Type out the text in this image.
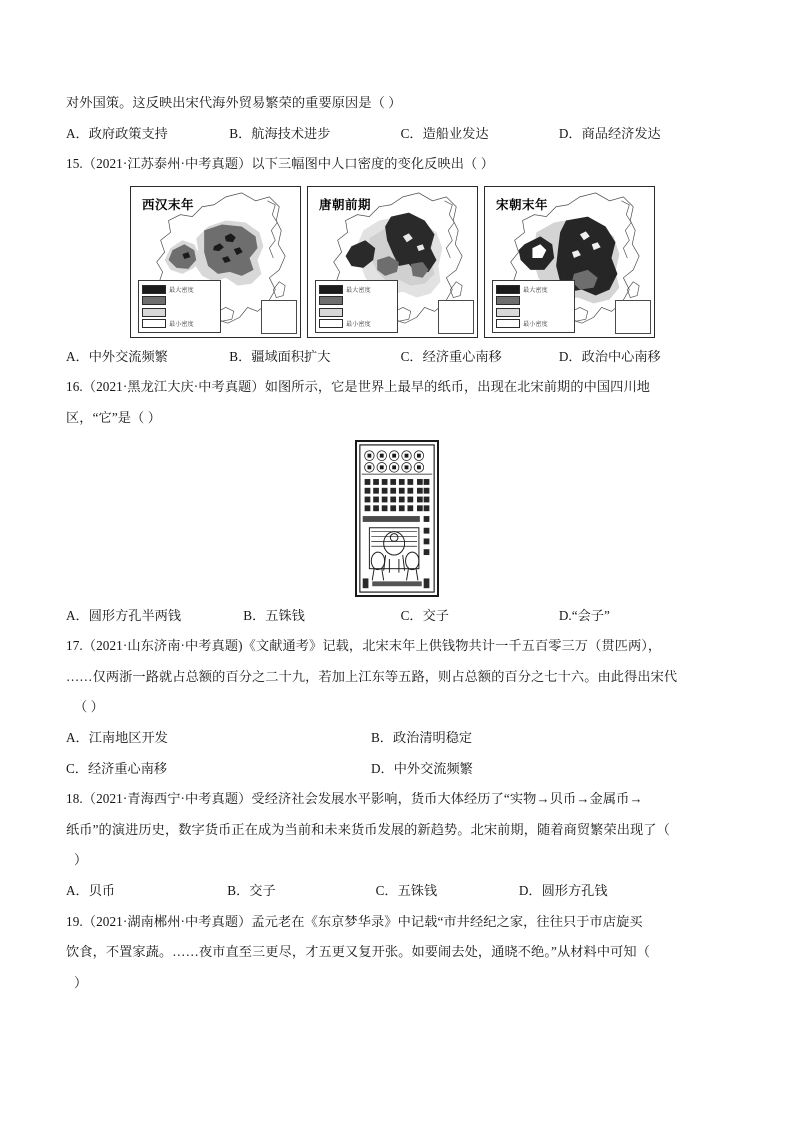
对外国策。这反映出宋代海外贸易繁荣的重要原因是（ ）
A．政府政策支持	B．航海技术进步	C．造船业发达	D．商品经济发达
15.（2021·江苏泰州·中考真题）以下三幅图中人口密度的变化反映出（ ）
西汉末年
最大密度
最小密度
唐朝前期
最大密度
最小密度
宋朝末年
最大密度
最小密度
A．中外交流频繁	B．疆域面积扩大	C．经济重心南移	D．政治中心南移
16.（2021·黑龙江大庆·中考真题）如图所示，它是世界上最早的纸币，出现在北宋前期的中国四川地
区，“它”是（ ）
A．圆形方孔半两钱	B．五铢钱	C．交子	D.“会子”
17.（2021·山东济南·中考真题)《文献通考》记载，北宋末年上供钱物共计一千五百零三万（贯匹两），
……仅两浙一路就占总额的百分之二十九，若加上江东等五路，则占总额的百分之七十六。由此得出宋代
（ ）
A．江南地区开发	B．政治清明稳定
C．经济重心南移	D．中外交流频繁
18.（2021·青海西宁·中考真题）受经济社会发展水平影响，货币大体经历了“实物→贝币→金属币→
纸币”的演进历史，数字货币正在成为当前和未来货币发展的新趋势。北宋前期，随着商贸繁荣出现了（
）
A．贝币	B．交子	C．五铢钱	D．圆形方孔钱
19.（2021·湖南郴州·中考真题）孟元老在《东京梦华录》中记载“市井经纪之家，往往只于市店旋买
饮食，不置家蔬。……夜市直至三更尽，才五更又复开张。如要闹去处，通晓不绝。”从材料中可知（
）
